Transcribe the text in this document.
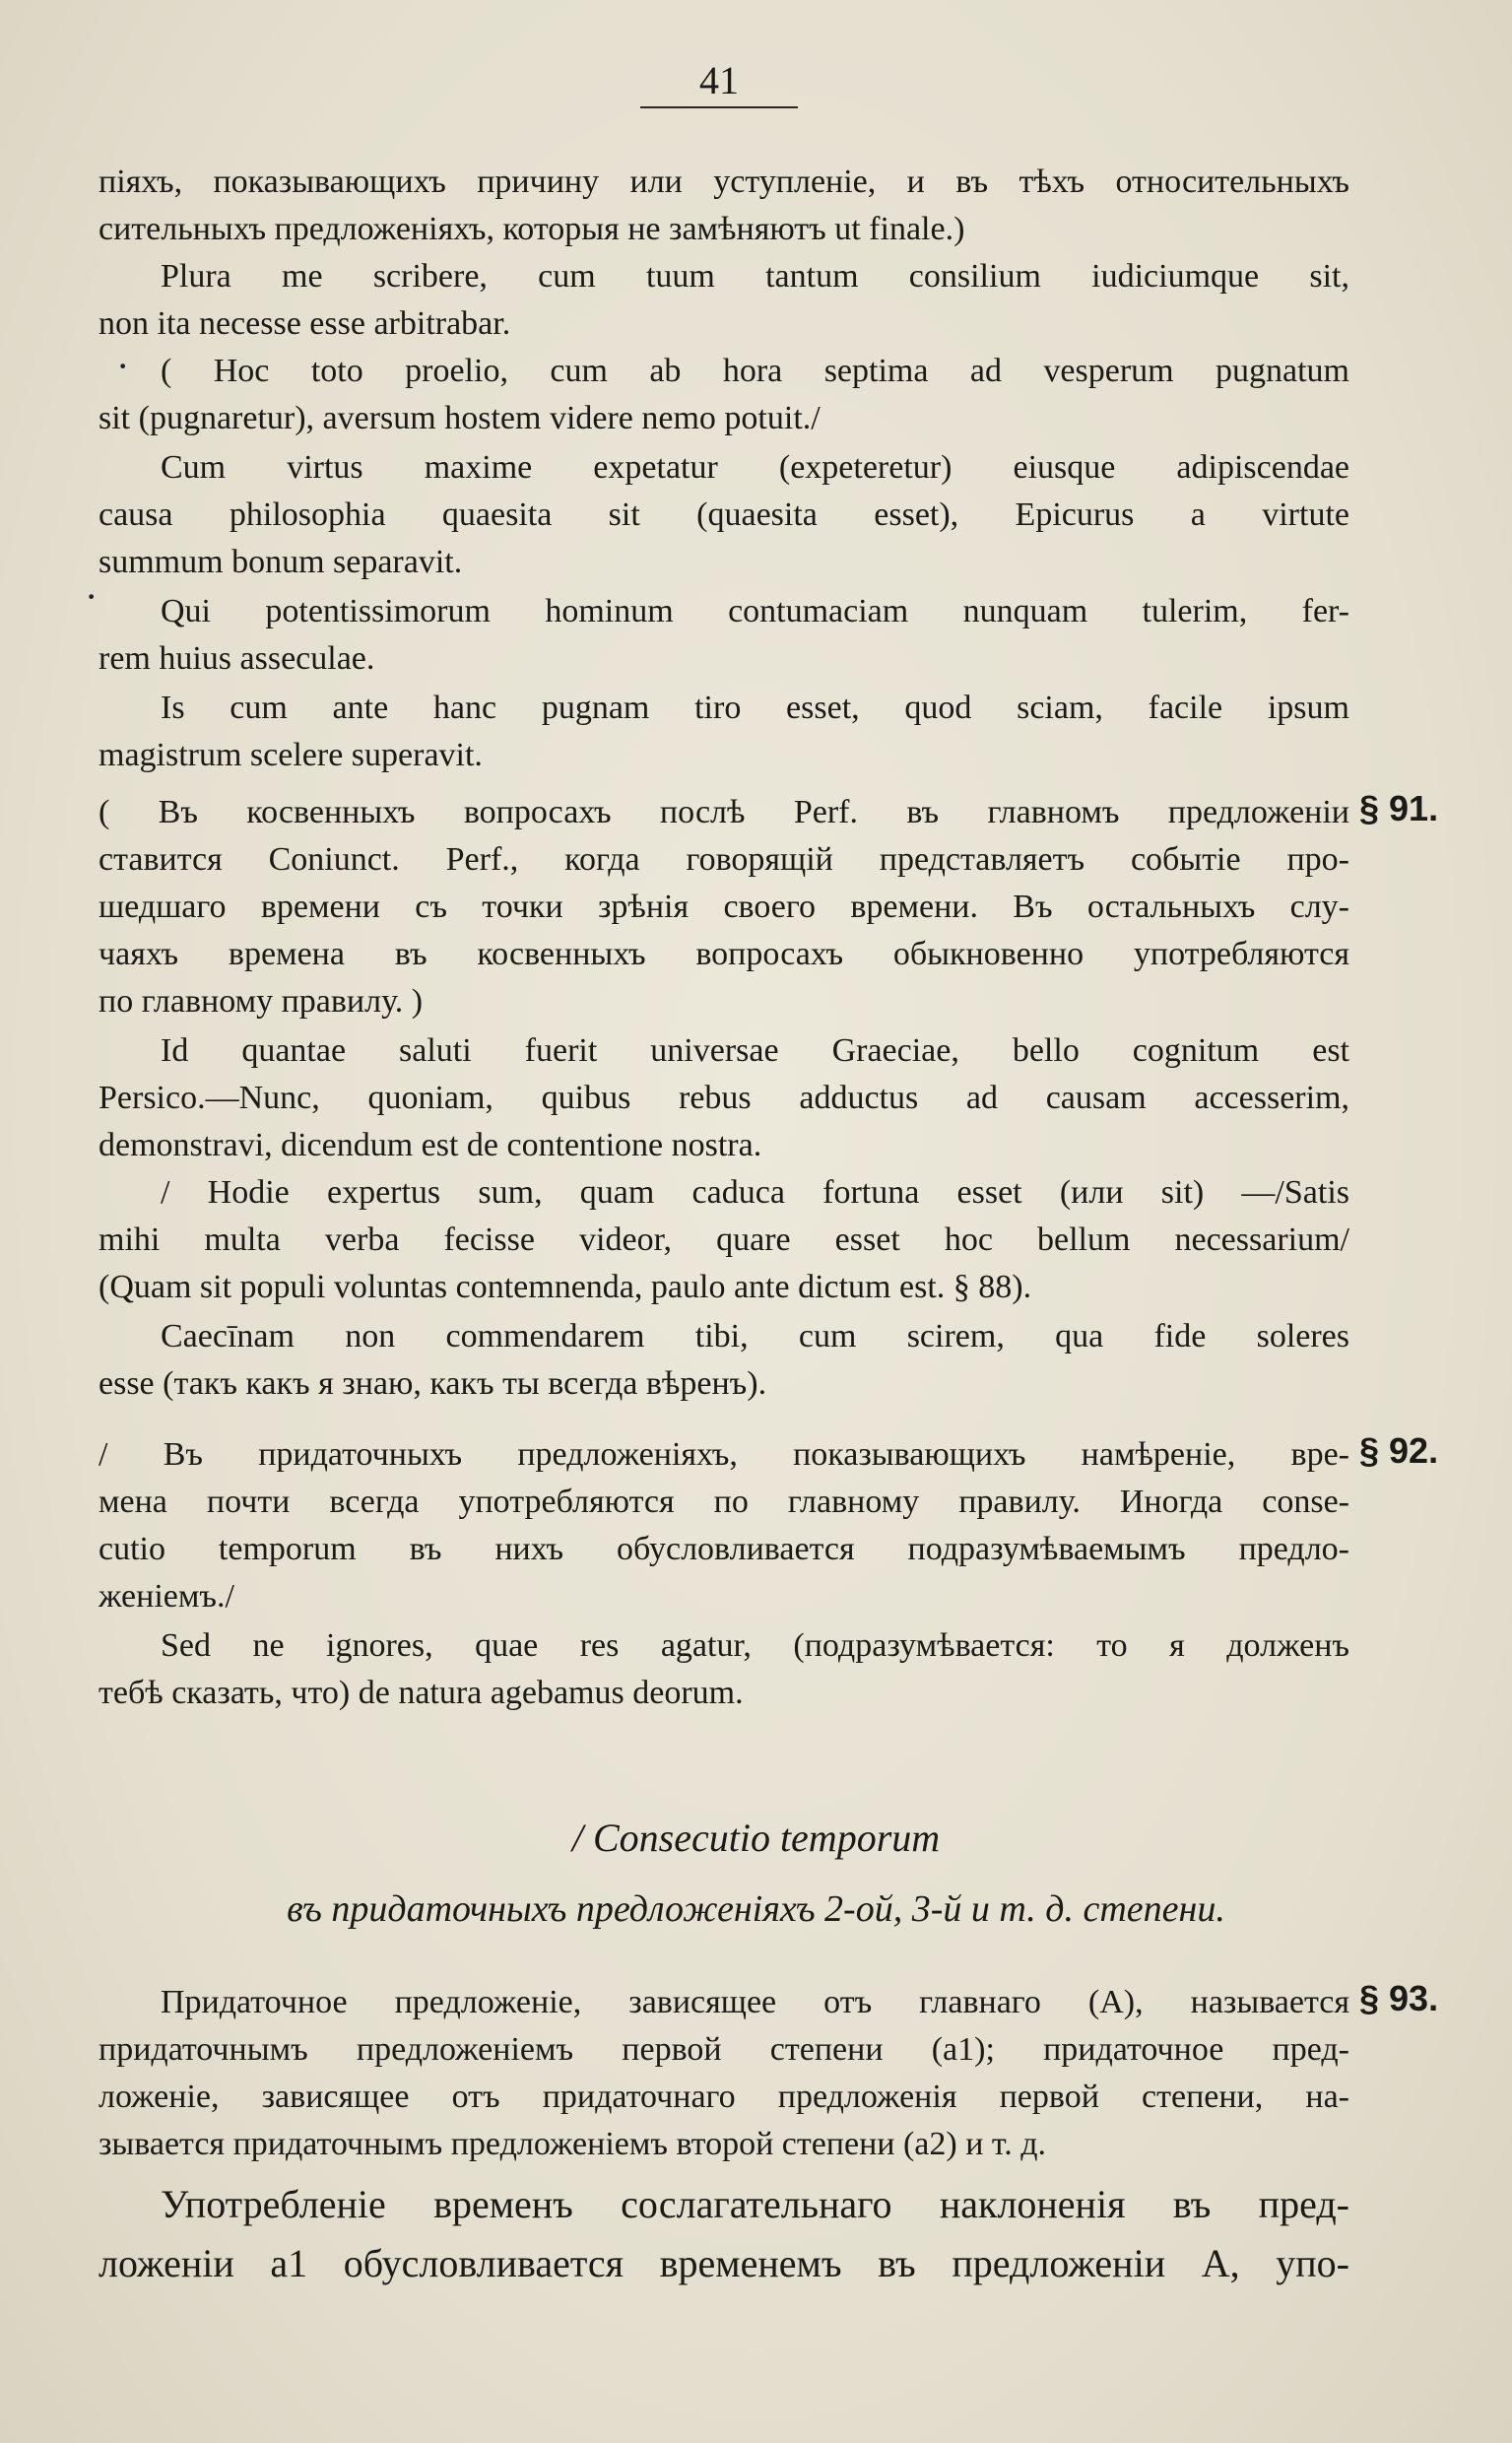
41
піяхъ, показывающихъ причину или уступленіе, и въ тѣхъ относительныхъ
сительныхъ предложеніяхъ, которыя не замѣняютъ ut finale.)
Plura me scribere, cum tuum tantum consilium iudiciumque sit,
non ita necesse esse arbitrabar.
( Hoc toto proelio, cum ab hora septima ad vesperum pugnatum
sit (pugnaretur), aversum hostem videre nemo potuit./
Cum virtus maxime expetatur (expeteretur) eiusque adipiscendae
causa philosophia quaesita sit (quaesita esset), Epicurus a virtute
summum bonum separavit.
Qui potentissimorum hominum contumaciam nunquam tulerim, fer-
rem huius asseculae.
Is cum ante hanc pugnam tiro esset, quod sciam, facile ipsum
magistrum scelere superavit.
§ 91.
( Въ косвенныхъ вопросахъ послѣ Perf. въ главномъ предложеніи
ставится Coniunct. Perf., когда говорящій представляетъ событіе про-
шедшаго времени съ точки зрѣнія своего времени. Въ остальныхъ слу-
чаяхъ времена въ косвенныхъ вопросахъ обыкновенно употребляются
по главному правилу. )
Id quantae saluti fuerit universae Graeciae, bello cognitum est
Persico.—Nunc, quoniam, quibus rebus adductus ad causam accesserim,
demonstravi, dicendum est de contentione nostra.
/ Hodie expertus sum, quam caduca fortuna esset (или sit) —/Satis
mihi multa verba fecisse videor, quare esset hoc bellum necessarium/
(Quam sit populi voluntas contemnenda, paulo ante dictum est. § 88).
Caecīnam non commendarem tibi, cum scirem, qua fide soleres
esse (такъ какъ я знаю, какъ ты всегда вѣренъ).
§ 92.
/ Въ придаточныхъ предложеніяхъ, показывающихъ намѣреніе, вре-
мена почти всегда употребляются по главному правилу. Иногда conse-
cutio temporum въ нихъ обусловливается подразумѣваемымъ предло-
женіемъ./
Sed ne ignores, quae res agatur, (подразумѣвается: то я долженъ
тебѣ сказать, что) de natura agebamus deorum.
/ Consecutio temporum
въ придаточныхъ предложеніяхъ 2-ой, 3-й и т. д. степени.
§ 93.
Придаточное предложеніе, зависящее отъ главнаго (A), называется
придаточнымъ предложеніемъ первой степени (a1); придаточное пред-
ложеніе, зависящее отъ придаточнаго предложенія первой степени, на-
зывается придаточнымъ предложеніемъ второй степени (a2) и т. д.
Употребленіе временъ сослагательнаго наклоненія въ пред-
ложеніи a1 обусловливается временемъ въ предложеніи A, упо-
·
·
